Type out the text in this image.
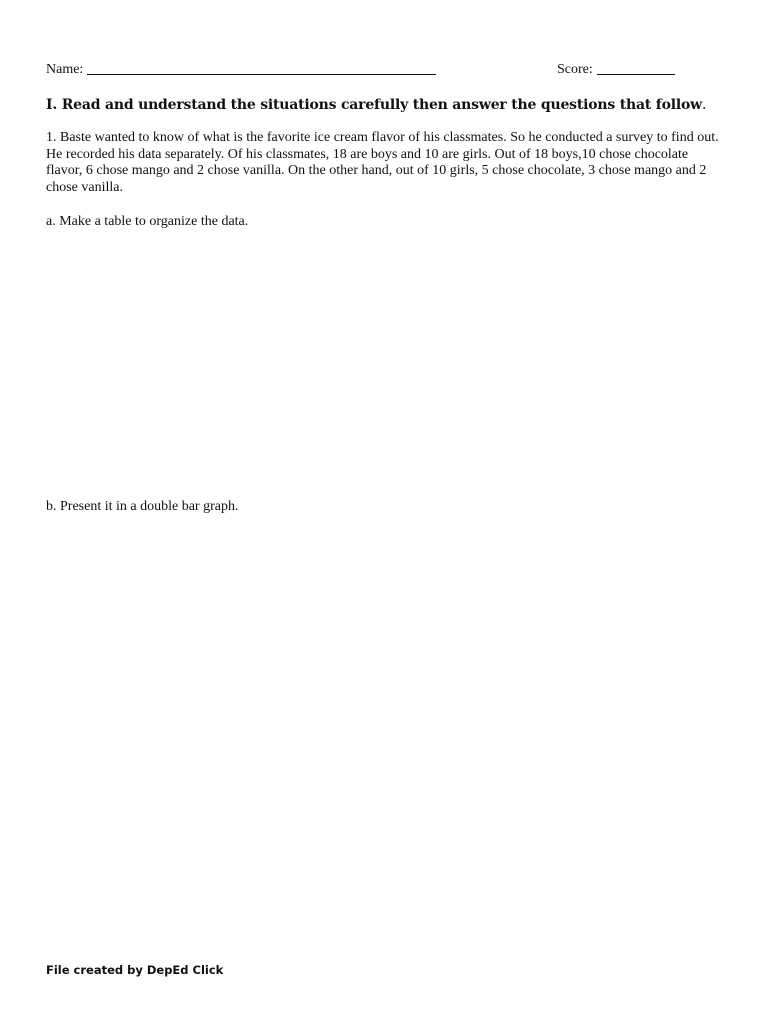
Name:	Score:
I. Read and understand the situations carefully then answer the questions that follow.

1. Baste wanted to know of what is the favorite ice cream flavor of his classmates. So he conducted a survey to find out. He recorded his data separately. Of his classmates, 18 are boys and 10 are girls. Out of 18 boys,10 chose chocolate flavor, 6 chose mango and 2 chose vanilla. On the other hand, out of 10 girls, 5 chose chocolate, 3 chose mango and 2 chose vanilla.

a. Make a table to organize the data.

b. Present it in a double bar graph.

File created by DepEd Click
